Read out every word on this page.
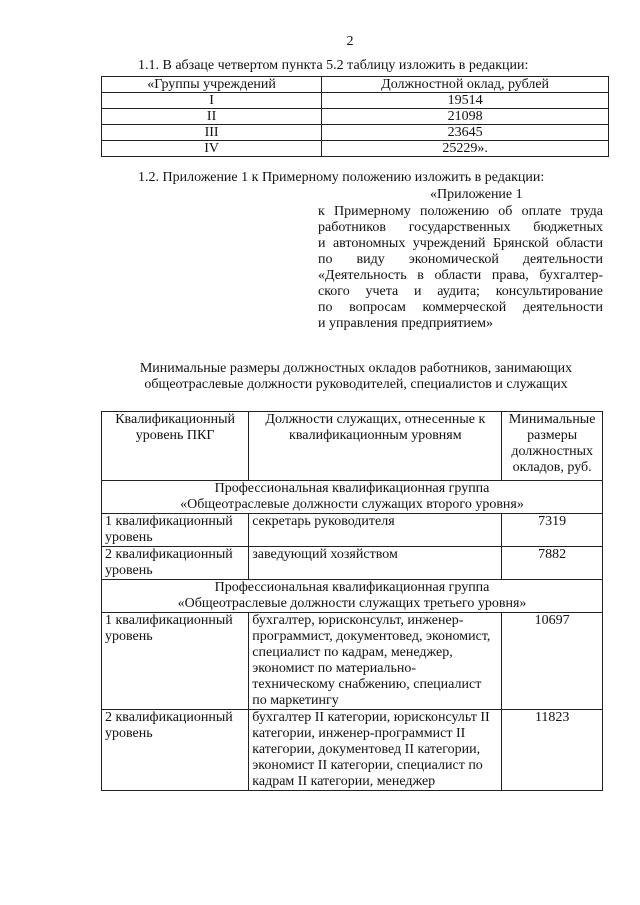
2
1.1. В абзаце четвертом пункта 5.2 таблицу изложить в редакции:
«Группы учреждений	Должностной оклад, рублей
I	19514
II	21098
III	23645
IV	25229».
1.2. Приложение 1 к Примерному положению изложить в редакции:
«Приложение 1
к Примерному положению об оплате труда
работников государственных бюджетных
и автономных учреждений Брянской области
по виду экономической деятельности
«Деятельность в области права, бухгалтер-
ского учета и аудита; консультирование
по вопросам коммерческой деятельности
и управления предприятием»
Минимальные размеры должностных окладов работников, занимающих
общеотраслевые должности руководителей, специалистов и служащих
Квалификационный уровень ПКГ	Должности служащих, отнесенные к квалификационным уровням	Минимальные размеры должностных окладов, руб.

Профессиональная квалификационная группа
«Общеотраслевые должности служащих второго уровня»		

1 квалификационный уровень	секретарь руководителя	7319
2 квалификационный уровень	заведующий хозяйством	7882

Профессиональная квалификационная группа
«Общеотраслевые должности служащих третьего уровня»		

1 квалификационный уровень	бухгалтер, юрисконсульт, инженер-программист, документовед, экономист, специалист по кадрам, менеджер, экономист по материально-техническому снабжению, специалист по маркетингу	10697
2 квалификационный уровень	бухгалтер II категории, юрисконсульт II категории, инженер-программист II категории, документовед II категории, экономист II категории, специалист по кадрам II категории, менеджер	11823
